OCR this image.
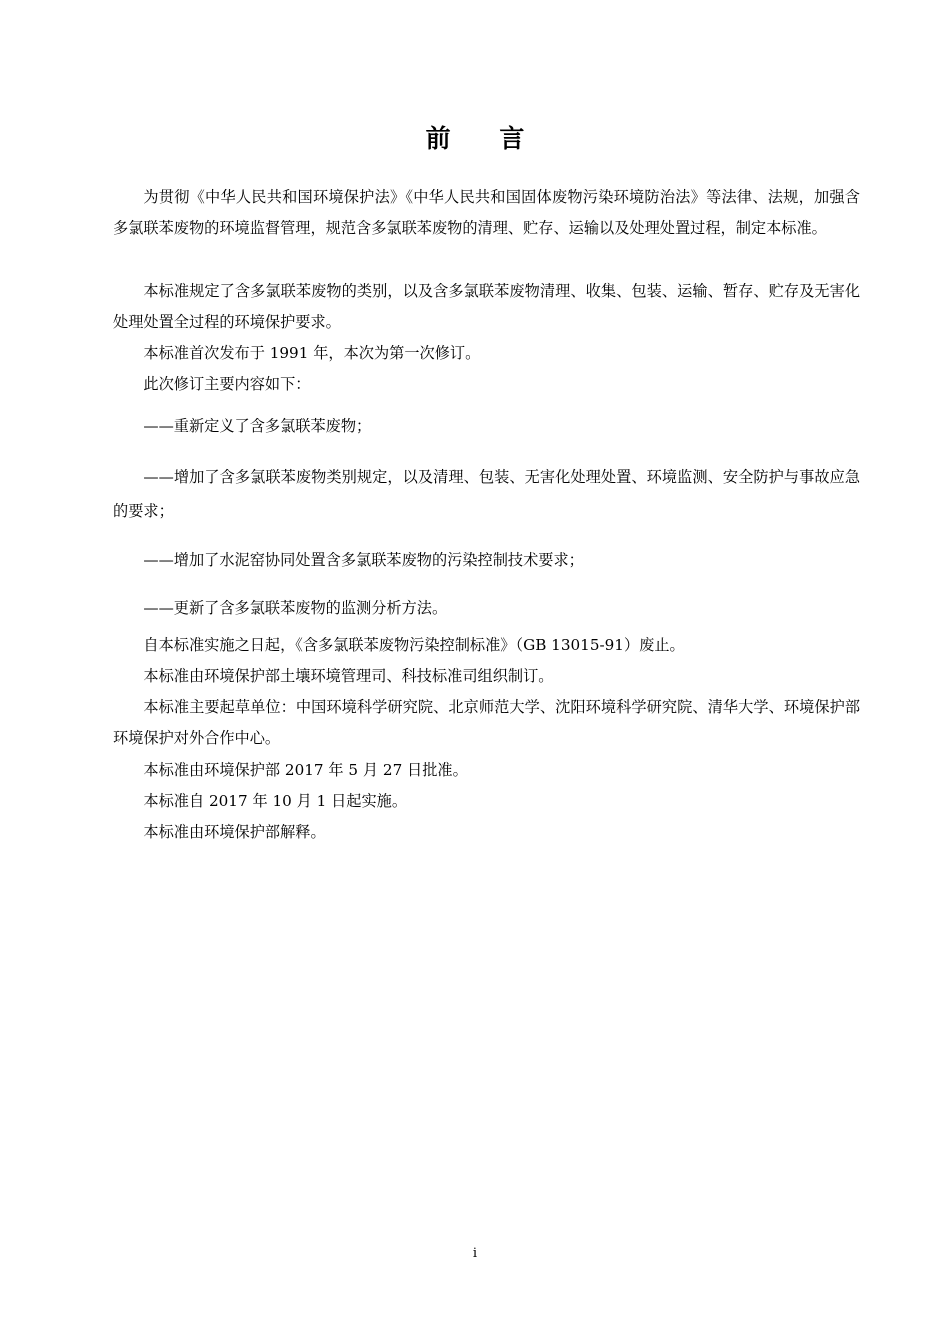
前 言
为贯彻《中华人民共和国环境保护法》《中华人民共和国固体废物污染环境防治法》等法律、法规，加强含多氯联苯废物的环境监督管理，规范含多氯联苯废物的清理、贮存、运输以及处理处置过程，制定本标准。
本标准规定了含多氯联苯废物的类别，以及含多氯联苯废物清理、收集、包装、运输、暂存、贮存及无害化处理处置全过程的环境保护要求。
本标准首次发布于 1991 年，本次为第一次修订。
此次修订主要内容如下：
——重新定义了含多氯联苯废物；
——增加了含多氯联苯废物类别规定，以及清理、包装、无害化处理处置、环境监测、安全防护与事故应急的要求；
——增加了水泥窑协同处置含多氯联苯废物的污染控制技术要求；
——更新了含多氯联苯废物的监测分析方法。
自本标准实施之日起，《含多氯联苯废物污染控制标准》（GB 13015-91）废止。
本标准由环境保护部土壤环境管理司、科技标准司组织制订。
本标准主要起草单位：中国环境科学研究院、北京师范大学、沈阳环境科学研究院、清华大学、环境保护部环境保护对外合作中心。
本标准由环境保护部 2017 年 5 月 27 日批准。
本标准自 2017 年 10 月 1 日起实施。
本标准由环境保护部解释。
i
